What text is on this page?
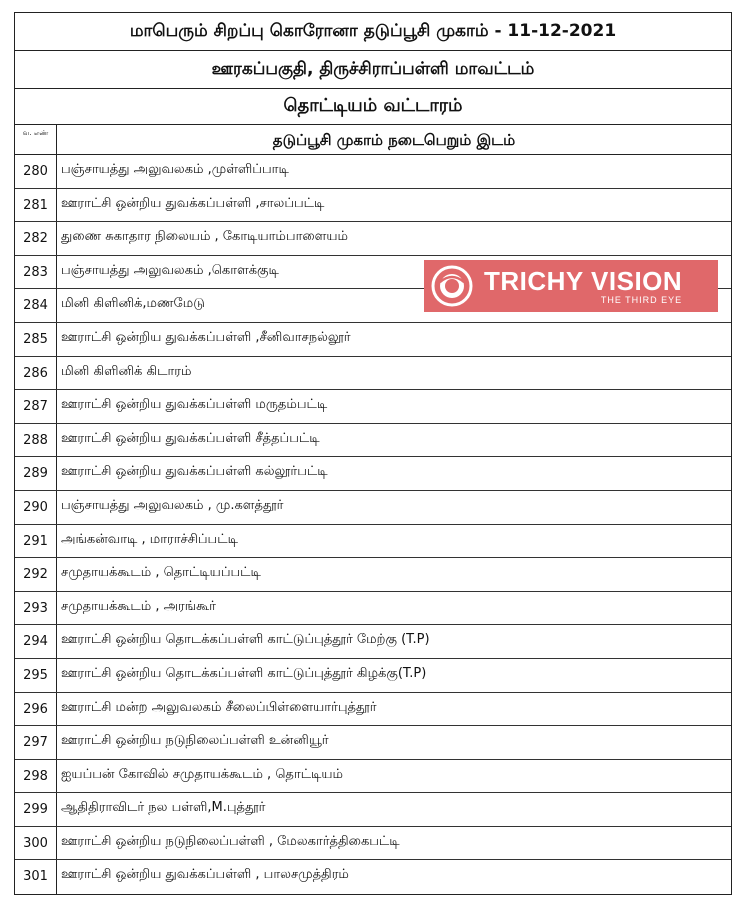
மாபெரும் சிறப்பு கொரோனா தடுப்பூசி முகாம் - 11-12-2021
ஊரகப்பகுதி, திருச்சிராப்பள்ளி மாவட்டம்
தொட்டியம் வட்டாரம்
வ. எண்	தடுப்பூசி முகாம் நடைபெறும் இடம்
280	பஞ்சாயத்து அலுவலகம் ,முள்ளிப்பாடி
281	ஊராட்சி ஒன்றிய துவக்கப்பள்ளி ,சாலப்பட்டி
282	துணை சுகாதார நிலையம் , கோடியாம்பாளையம்
283	பஞ்சாயத்து அலுவலகம் ,கொளக்குடி
284	மினி கிளினிக்,மணமேடு
285	ஊராட்சி ஒன்றிய துவக்கப்பள்ளி ,சீனிவாசநல்லூர்
286	மினி கிளினிக் கிடாரம்
287	ஊராட்சி ஒன்றிய துவக்கப்பள்ளி மருதம்பட்டி
288	ஊராட்சி ஒன்றிய துவக்கப்பள்ளி சீத்தப்பட்டி
289	ஊராட்சி ஒன்றிய துவக்கப்பள்ளி கல்லூர்பட்டி
290	பஞ்சாயத்து அலுவலகம் , மு.களத்தூர்
291	அங்கன்வாடி , மாராச்சிப்பட்டி
292	சமுதாயக்கூடம் , தொட்டியப்பட்டி
293	சமுதாயக்கூடம் , அரங்கூர்
294	ஊராட்சி ஒன்றிய தொடக்கப்பள்ளி காட்டுப்புத்தூர் மேற்கு (T.P)
295	ஊராட்சி ஒன்றிய தொடக்கப்பள்ளி காட்டுப்புத்தூர் கிழக்கு(T.P)
296	ஊராட்சி மன்ற அலுவலகம் சீலைப்பிள்ளையார்புத்தூர்
297	ஊராட்சி ஒன்றிய நடுநிலைப்பள்ளி உன்னியூர்
298	ஐயப்பன் கோவில் சமுதாயக்கூடம் , தொட்டியம்
299	ஆதிதிராவிடர் நல பள்ளி,M.புத்தூர்
300	ஊராட்சி ஒன்றிய நடுநிலைப்பள்ளி , மேலகார்த்திகைபட்டி
301	ஊராட்சி ஒன்றிய துவக்கப்பள்ளி , பாலசமுத்திரம்
TRICHY VISION
THE THIRD EYE
